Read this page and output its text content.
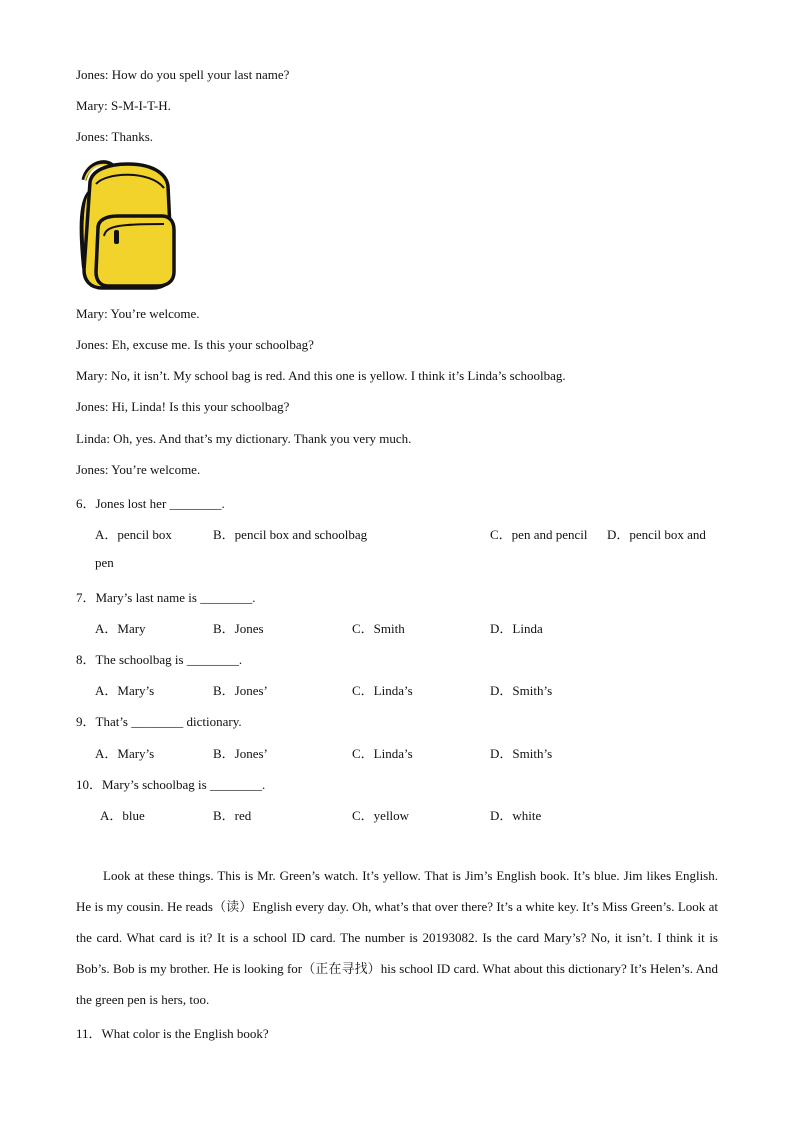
Jones: How do you spell your last name?
Mary: S-M-I-T-H.
Jones: Thanks.
Mary: You’re welcome.
Jones: Eh, excuse me. Is this your schoolbag?
Mary: No, it isn’t. My school bag is red. And this one is yellow. I think it’s Linda’s schoolbag.
Jones: Hi, Linda! Is this your schoolbag?
Linda: Oh, yes. And that’s my dictionary. Thank you very much.
Jones: You’re welcome.
6．Jones lost her ________.
A．pencil box	B．pencil box and schoolbag	C．pen and pencil D．pencil box and
pen
7．Mary’s last name is ________.
A．Mary	B．Jones	C．Smith	D．Linda
8．The schoolbag is ________.
A．Mary’s	B．Jones’	C．Linda’s	D．Smith’s
9．That’s ________ dictionary.
A．Mary’s	B．Jones’	C．Linda’s	D．Smith’s
10．Mary’s schoolbag is ________.
A．blue	B．red	C．yellow	D．white
Look at these things. This is Mr. Green’s watch. It’s yellow. That is Jim’s English book. It’s blue. Jim likes English. He is my cousin. He reads（读）English every day. Oh, what’s that over there? It’s a white key. It’s Miss Green’s. Look at the card. What card is it? It is a school ID card. The number is 20193082. Is the card Mary’s? No, it isn’t. I think it is Bob’s. Bob is my brother. He is looking for（正在寻找）his school ID card. What about this dictionary? It’s Helen’s. And the green pen is hers, too.
11．What color is the English book?
